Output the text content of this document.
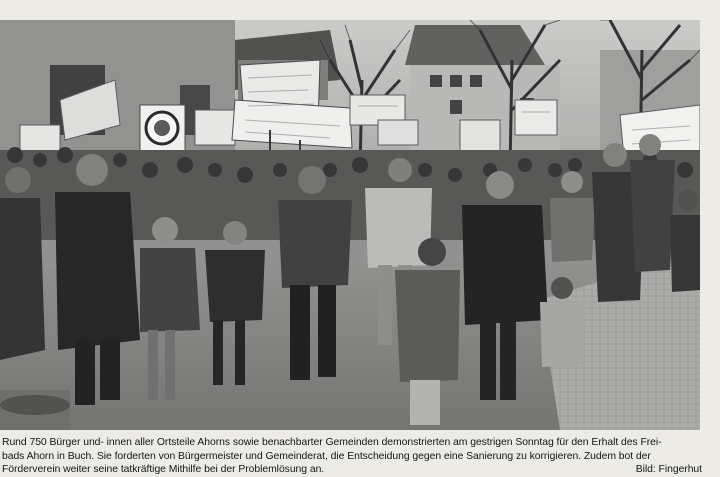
Rund 750 Bürger und- innen aller Ortsteile Ahorns sowie benachbarter Gemeinden demonstrierten am gestrigen Sonntag für den Erhalt des Frei-
bads Ahorn in Buch. Sie forderten von Bürgermeister und Gemeinderat, die Entscheidung gegen eine Sanierung zu korrigieren. Zudem bot der
Förderverein weiter seine tatkräftige Mithilfe bei der Problemlösung an.	Bild: Fingerhut
